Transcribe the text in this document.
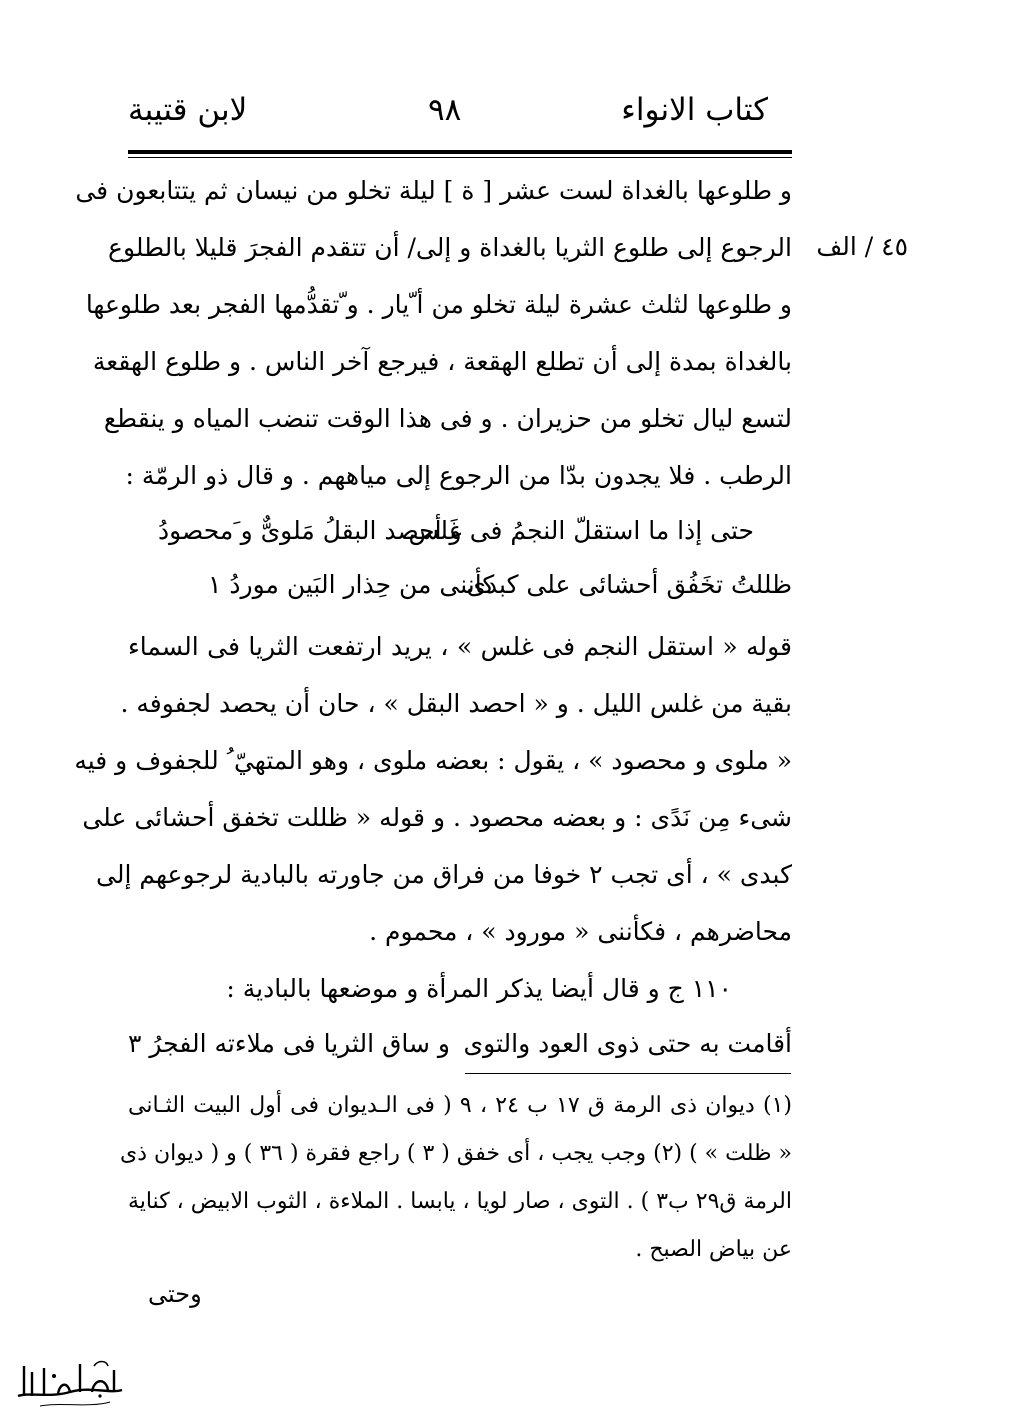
كتاب الانواء
٩٨
لابن قتيبة
٤٥ / الف
و طلوعها بالغداة لست عشر [ ة ] ليلة تخلو من نيسان ثم يتتابعون فى
الرجوع إلى طلوع الثريا بالغداة و إلى/ أن تتقدم الفجرَ قليلا بالطلوع
و طلوعها لثلث عشرة ليلة تخلو من أ ّيار . و ّتقدُّمها الفجر بعد طلوعها
بالغداة بمدة إلى أن تطلع الهقعة ، فيرجع آخر الناس . و طلوع الهقعة
لتسع ليال تخلو من حزيران . و فى هذا الوقت تنضب المياه و ينقطع
الرطب . فلا يجدون بدّا من الرجوع إلى مياههم . و قال ذو الرمّة :
حتى إذا ما استقلّ النجمُ فى غَلس
و أحصد البقلُ مَلوىٌّ و َمحصودُ
ظللتُ تخَفُق أحشائى على كبدى
كأننى من حِذار البَين موردُ ١
قوله « استقل النجم فى غلس » ، يريد ارتفعت الثريا فى السماء
بقية من غلس الليل . و « احصد البقل » ، حان أن يحصد لجفوفه .
« ملوى و محصود » ، يقول : بعضه ملوى ، وهو المتهيّ ُ للجفوف و فيه
شىء مِن نَدًى : و بعضه محصود . و قوله « ظللت تخفق أحشائى على
كبدى » ، أى تجب ٢ خوفا من فراق من جاورته بالبادية لرجوعهم إلى
محاضرهم ، فكأننى « مورود » ، محموم .
١١٠ ج و قال أيضا يذكر المرأة و موضعها بالبادية :
أقامت به حتى ذوى العود والتوى
و ساق الثريا فى ملاءته الفجرُ ٣
(١) ديوان ذى الرمة ق ١٧ ب ٢٤ ، ٩ ( فى الـديوان فى أول البيت الثـانى
« ظلت » ) (٢) وجب يجب ، أى خفق ( ٣ ) راجع فقرة ( ٣٦ ) و ( ديوان ذى
الرمة ق٢٩ ب٣ ) . التوى ، صار لويا ، يابسا . الملاءة ، الثوب الابيض ، كناية
عن بياض الصبح .
وحتى
